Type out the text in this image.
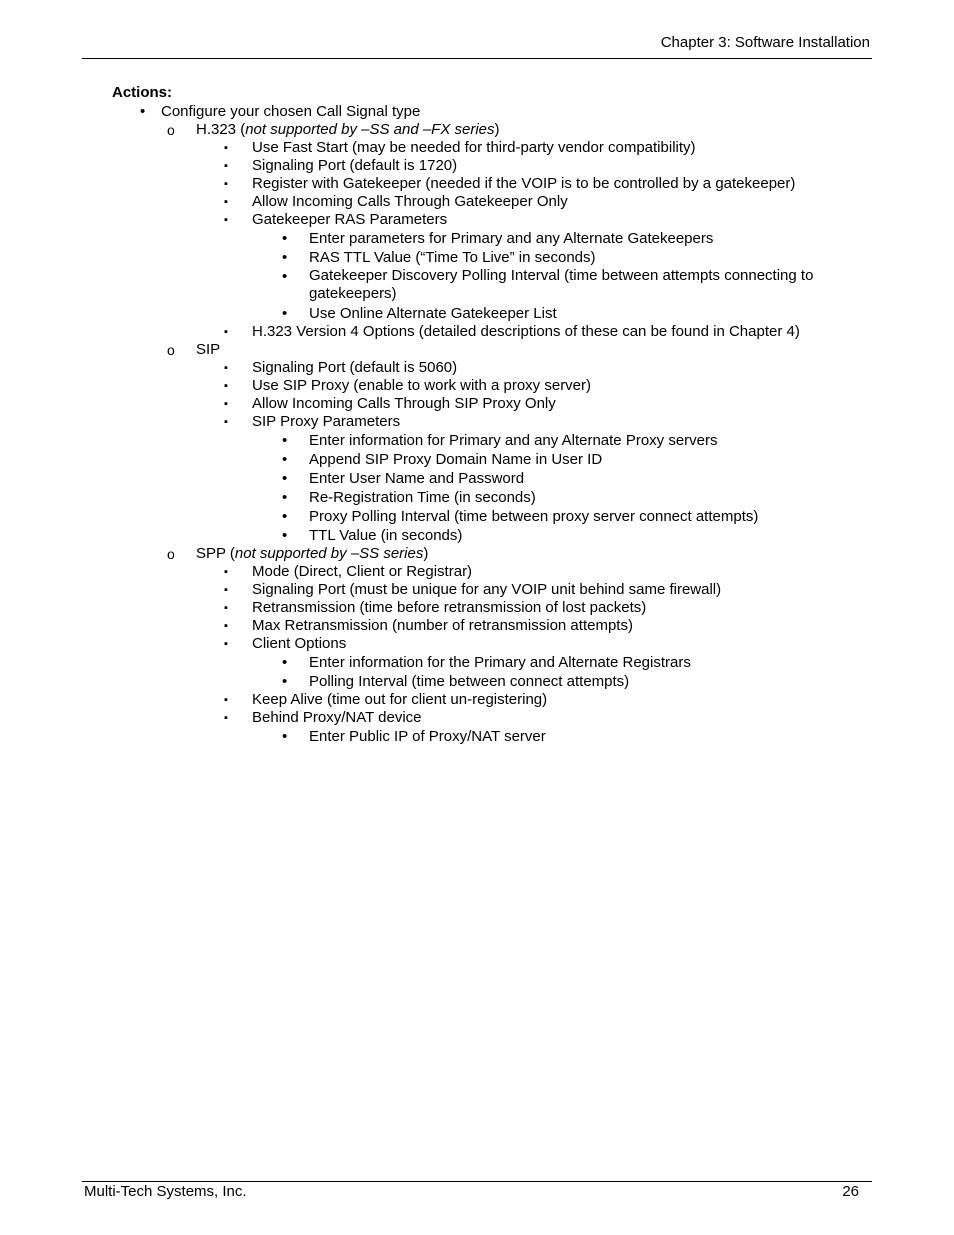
Chapter 3: Software Installation
Actions:
• Configure your chosen Call Signal type
o H.323 (not supported by –SS and –FX series)
▪ Use Fast Start (may be needed for third-party vendor compatibility)
▪ Signaling Port (default is 1720)
▪ Register with Gatekeeper (needed if the VOIP is to be controlled by a gatekeeper)
▪ Allow Incoming Calls Through Gatekeeper Only
▪ Gatekeeper RAS Parameters
• Enter parameters for Primary and any Alternate Gatekeepers
• RAS TTL Value (“Time To Live” in seconds)
• Gatekeeper Discovery Polling Interval (time between attempts connecting to gatekeepers)
• Use Online Alternate Gatekeeper List
▪ H.323 Version 4 Options (detailed descriptions of these can be found in Chapter 4)
o SIP
▪ Signaling Port (default is 5060)
▪ Use SIP Proxy (enable to work with a proxy server)
▪ Allow Incoming Calls Through SIP Proxy Only
▪ SIP Proxy Parameters
• Enter information for Primary and any Alternate Proxy servers
• Append SIP Proxy Domain Name in User ID
• Enter User Name and Password
• Re-Registration Time (in seconds)
• Proxy Polling Interval (time between proxy server connect attempts)
• TTL Value (in seconds)
o SPP (not supported by –SS series)
▪ Mode (Direct, Client or Registrar)
▪ Signaling Port (must be unique for any VOIP unit behind same firewall)
▪ Retransmission (time before retransmission of lost packets)
▪ Max Retransmission (number of retransmission attempts)
▪ Client Options
• Enter information for the Primary and Alternate Registrars
• Polling Interval (time between connect attempts)
▪ Keep Alive (time out for client un-registering)
▪ Behind Proxy/NAT device
• Enter Public IP of Proxy/NAT server
Multi-Tech Systems, Inc.	26
